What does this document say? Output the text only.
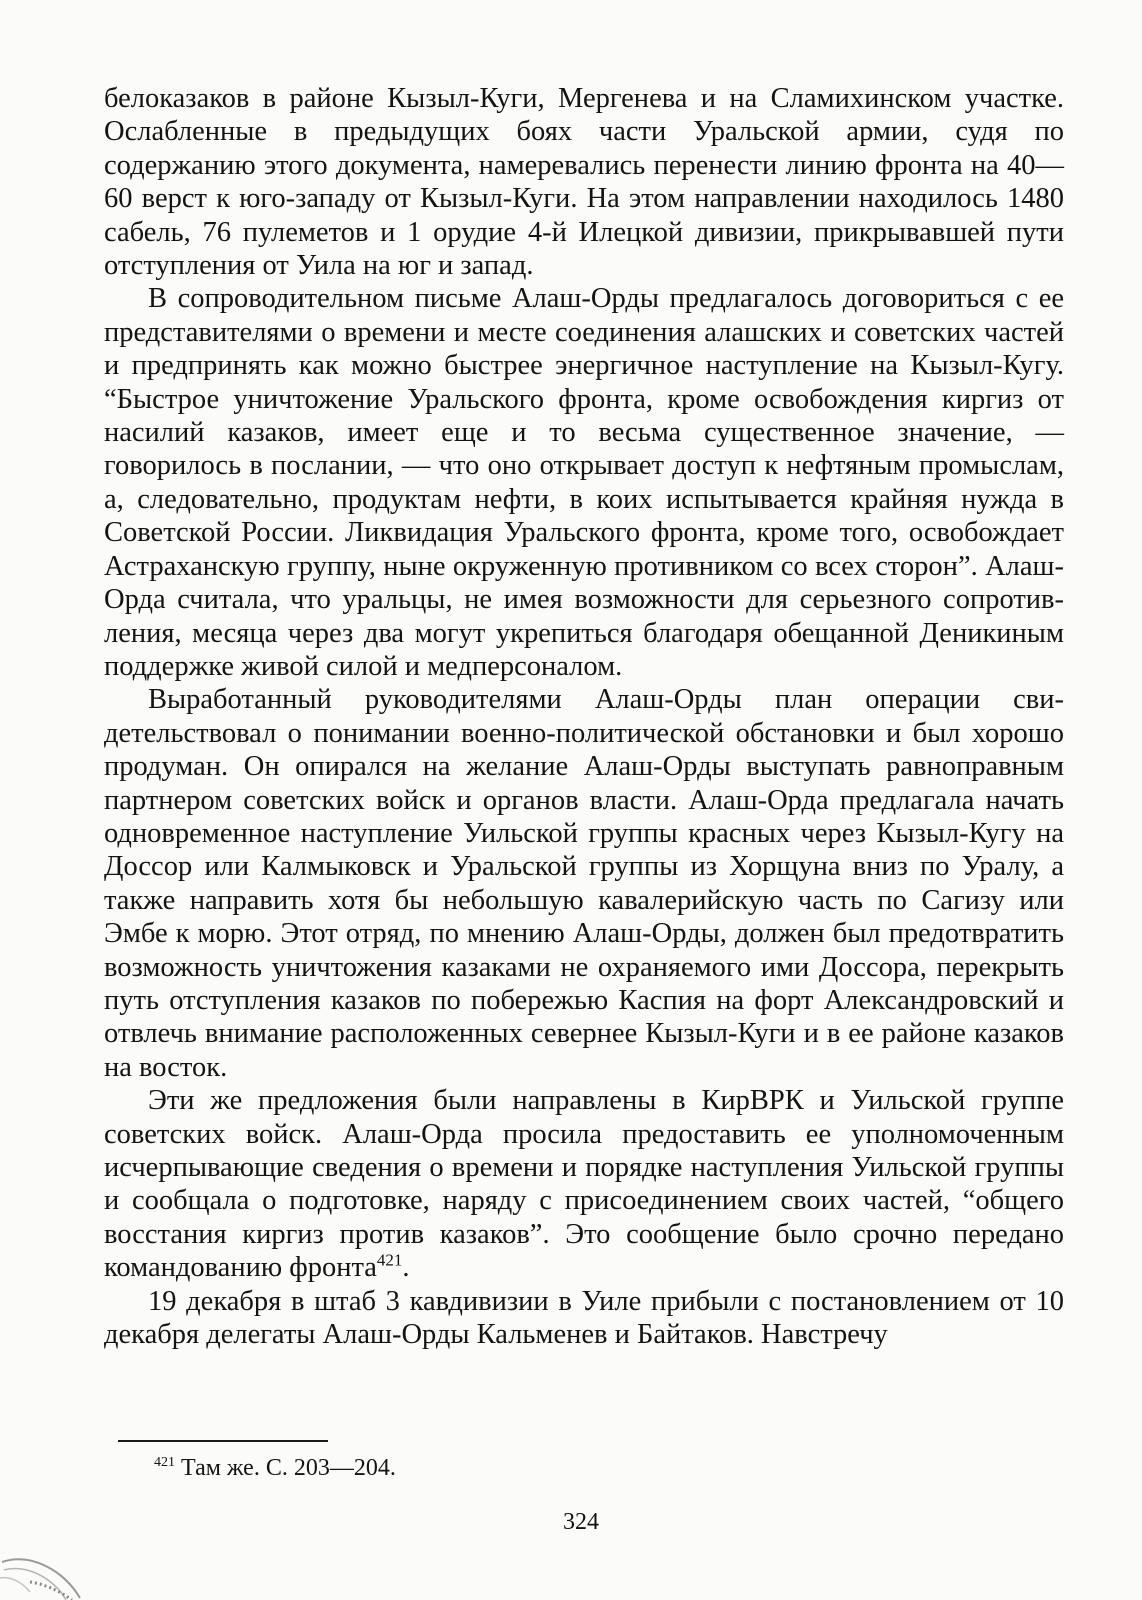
белоказаков в районе Кызыл-Куги, Мергенева и на Сламихинском участке. Ослабленные в предыдущих боях части Уральской армии, судя по содержанию этого документа, намеревались перенести линию фронта на 40—60 верст к юго-западу от Кызыл-Куги. На этом направлении находилось 1480 сабель, 76 пулеметов и 1 орудие 4-й Илецкой дивизии, прикрывавшей пути отступления от Уила на юг и запад.

В сопроводительном письме Алаш-Орды предлагалось договориться с ее представителями о времени и месте соединения алашских и советских частей и предпринять как можно быстрее энергичное наступление на Кызыл-Кугу. “Быстрое уничтожение Уральского фронта, кроме освобождения киргиз от насилий казаков, имеет еще и то весьма существенное значение, — говорилось в послании, — что оно открывает доступ к нефтяным промыслам, а, следовательно, продуктам нефти, в коих испытывается крайняя нужда в Советской России. Ликвидация Уральского фронта, кроме того, освобождает Астраханскую группу, ныне окруженную противником со всех сторон”. Алаш-Орда считала, что уральцы, не имея возможности для серьезного сопротивления, месяца через два могут укрепиться благодаря обещанной Деникиным поддержке живой силой и медперсоналом.

Выработанный руководителями Алаш-Орды план операции свидетельствовал о понимании военно-политической обстановки и был хорошо продуман. Он опирался на желание Алаш-Орды выступать равноправным партнером советских войск и органов власти. Алаш-Орда предлагала начать одновременное наступление Уильской группы красных через Кызыл-Кугу на Доссор или Калмыковск и Уральской группы из Хорщуна вниз по Уралу, а также направить хотя бы небольшую кавалерийскую часть по Сагизу или Эмбе к морю. Этот отряд, по мнению Алаш-Орды, должен был предотвратить возможность уничтожения казаками не охраняемого ими Доссора, перекрыть путь отступления казаков по побережью Каспия на форт Александровский и отвлечь внимание расположенных севернее Кызыл-Куги и в ее районе казаков на восток.

Эти же предложения были направлены в КирВРК и Уильской группе советских войск. Алаш-Орда просила предоставить ее уполномоченным исчерпывающие сведения о времени и порядке наступления Уильской группы и сообщала о подготовке, наряду с присоединением своих частей, “общего восстания киргиз против казаков”. Это сообщение было срочно передано командованию фронта$^{421}$.

19 декабря в штаб 3 кавдивизии в Уиле прибыли с постановлением от 10 декабря делегаты Алаш-Орды Кальменев и Байтаков. Навстречу

$^{421}$ Там же. С. 203—204.
324
